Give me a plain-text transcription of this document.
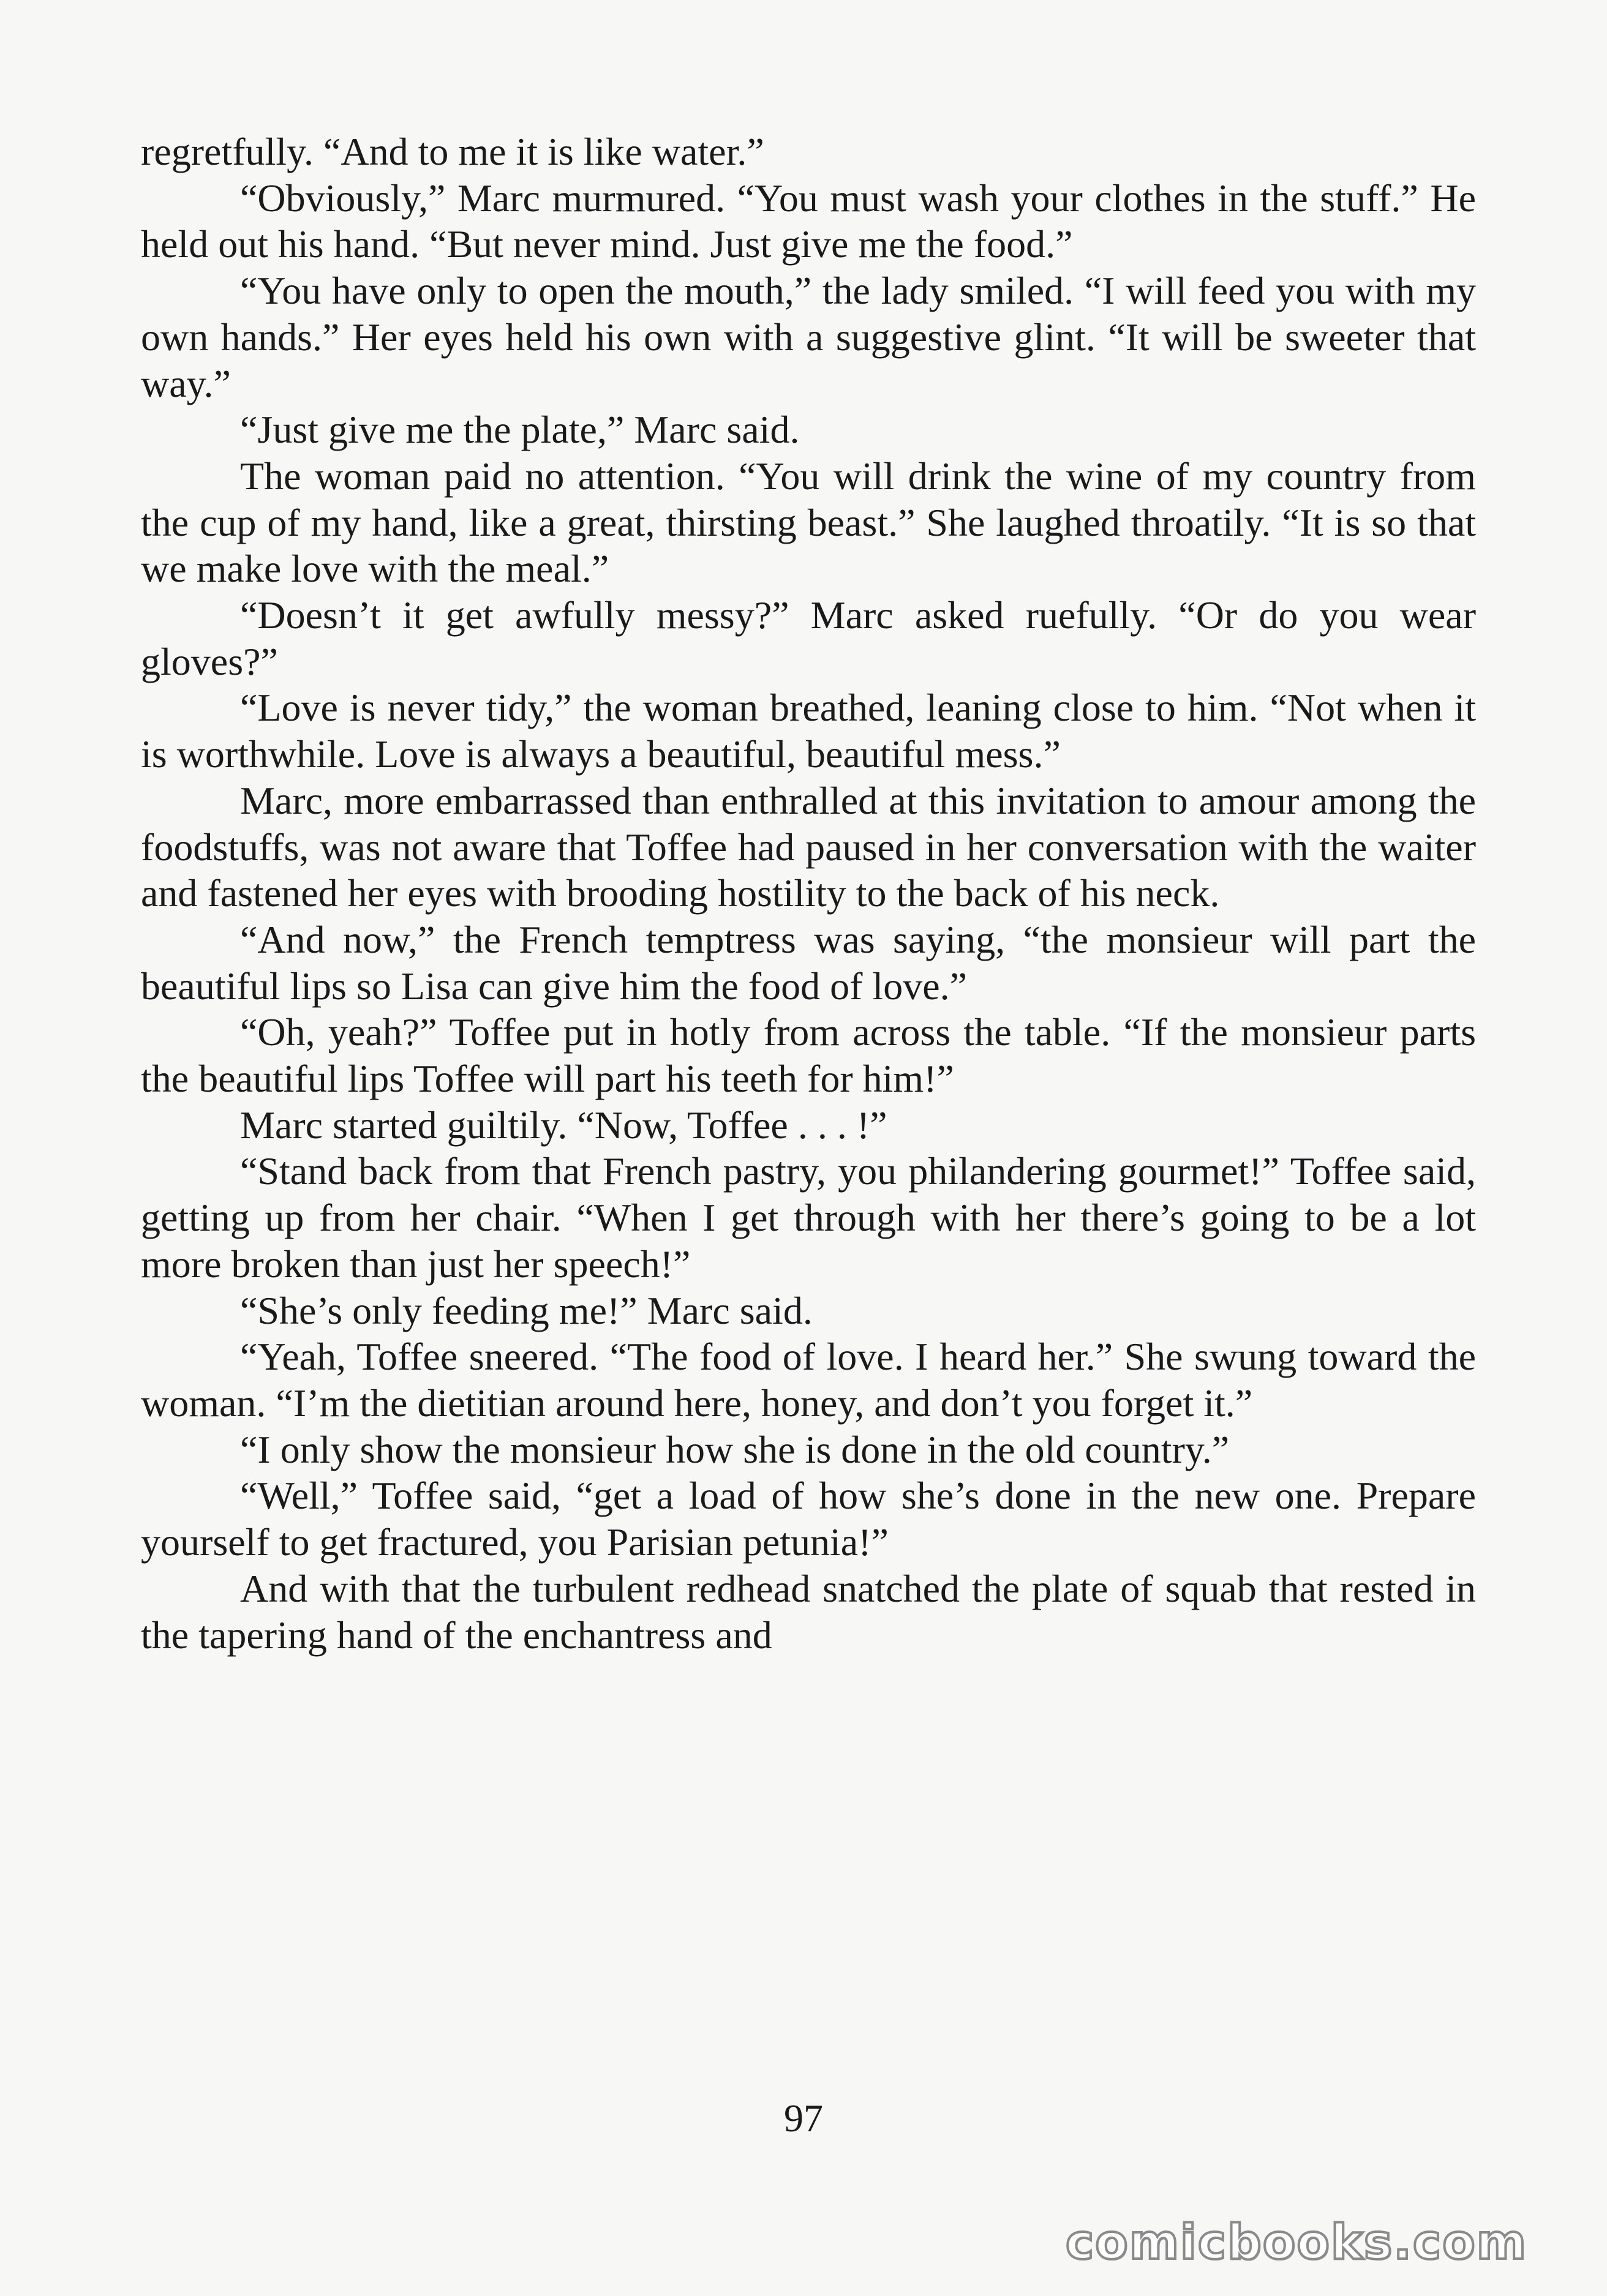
regretfully. “And to me it is like water.”

“Obviously,” Marc murmured. “You must wash your clothes in the stuff.” He held out his hand. “But never mind. Just give me the food.”

“You have only to open the mouth,” the lady smiled. “I will feed you with my own hands.” Her eyes held his own with a suggestive glint. “It will be sweeter that way.”

“Just give me the plate,” Marc said.

The woman paid no attention. “You will drink the wine of my country from the cup of my hand, like a great, thirsting beast.” She laughed throatily. “It is so that we make love with the meal.”

“Doesn’t it get awfully messy?” Marc asked ruefully. “Or do you wear gloves?”

“Love is never tidy,” the woman breathed, leaning close to him. “Not when it is worthwhile. Love is always a beautiful, beautiful mess.”

Marc, more embarrassed than enthralled at this invitation to amour among the foodstuffs, was not aware that Toffee had paused in her conversation with the waiter and fastened her eyes with brooding hostility to the back of his neck.

“And now,” the French temptress was saying, “the monsieur will part the beautiful lips so Lisa can give him the food of love.”

“Oh, yeah?” Toffee put in hotly from across the table. “If the monsieur parts the beautiful lips Toffee will part his teeth for him!”

Marc started guiltily. “Now, Toffee . . . !”

“Stand back from that French pastry, you philandering gourmet!” Toffee said, getting up from her chair. “When I get through with her there’s going to be a lot more broken than just her speech!”

“She’s only feeding me!” Marc said.

“Yeah, Toffee sneered. “The food of love. I heard her.” She swung toward the woman. “I’m the dietitian around here, honey, and don’t you forget it.”

“I only show the monsieur how she is done in the old country.”

“Well,” Toffee said, “get a load of how she’s done in the new one. Prepare yourself to get fractured, you Parisian petunia!”

And with that the turbulent redhead snatched the plate of squab that rested in the tapering hand of the enchantress and

97
comicbooks.com
